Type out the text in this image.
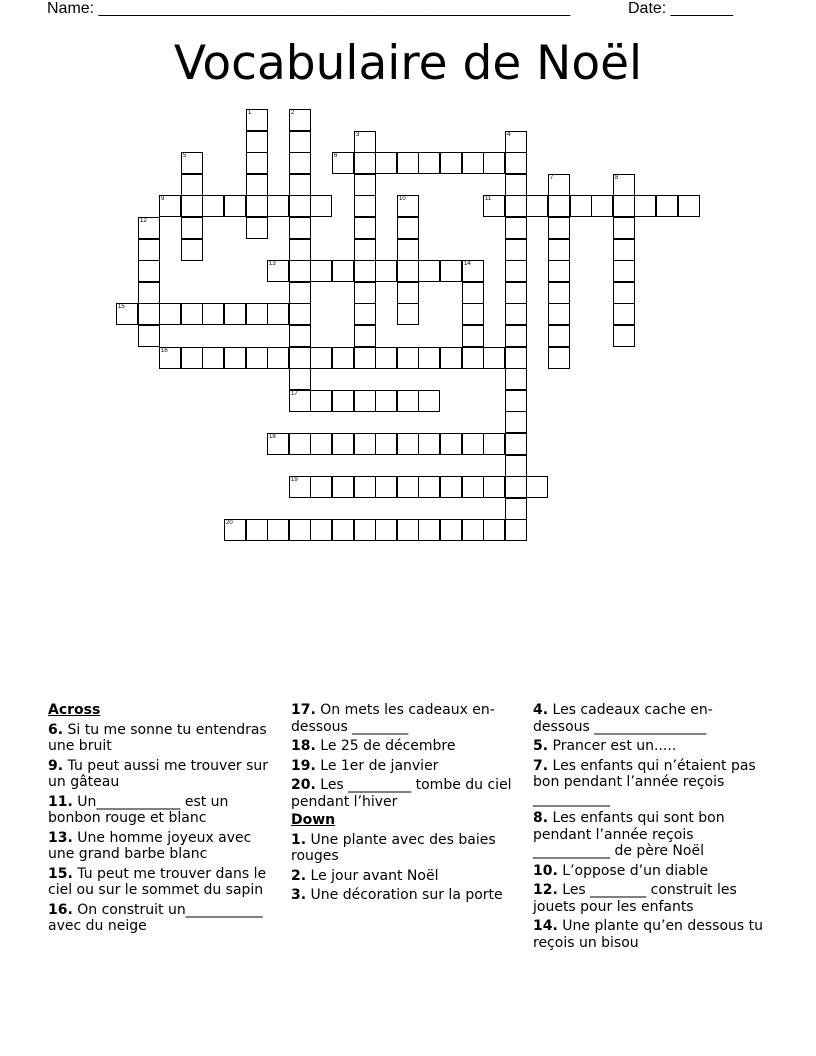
Name: _____________________________________________________	Date: _______
Vocabulaire de Noël
1	2
17
3	4
5	6
7	8
9	10	11
12
13	14
15
16
18
19
20
Across
6. Si tu me sonne tu entendras une bruit
9. Tu peut aussi me trouver sur un gâteau
11. Un____________ est un bonbon rouge et blanc
13. Une homme joyeux avec une grand barbe blanc
15. Tu peut me trouver dans le ciel ou sur le sommet du sapin
16. On construit un___________ avec du neige
17. On mets les cadeaux en-dessous ________
18. Le 25 de décembre
19. Le 1er de janvier
20. Les _________ tombe du ciel pendant l’hiver
Down
1. Une plante avec des baies rouges
2. Le jour avant Noël
3. Une décoration sur la porte
4. Les cadeaux cache en-dessous ________________
5. Prancer est un.....
7. Les enfants qui n’étaient pas bon pendant l’année reçois ___________
8. Les enfants qui sont bon pendant l’année reçois ___________ de père Noël
10. L’oppose d’un diable
12. Les ________ construit les jouets pour les enfants
14. Une plante qu’en dessous tu reçois un bisou
